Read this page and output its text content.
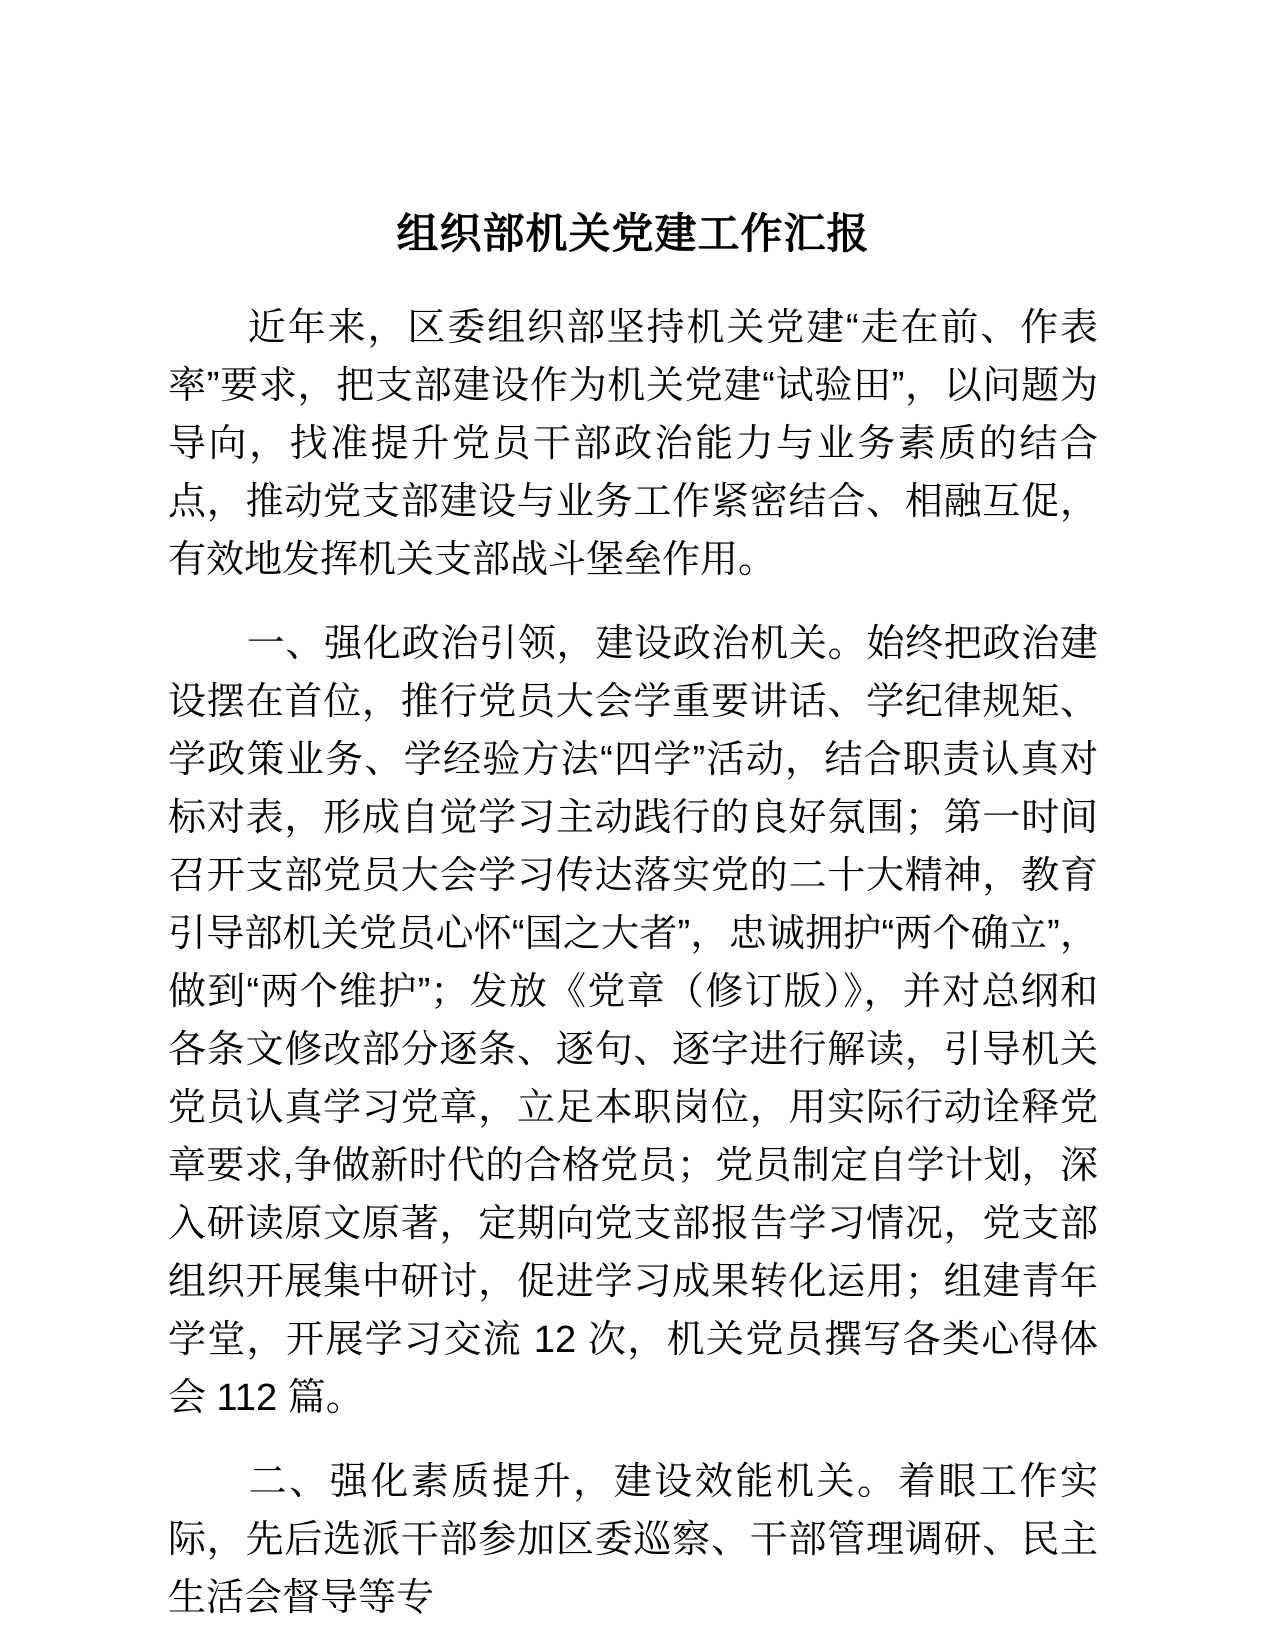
组织部机关党建工作汇报

近年来，区委组织部坚持机关党建“走在前、作表率”要求，把支部建设作为机关党建“试验田”，以问题为导向，找准提升党员干部政治能力与业务素质的结合点，推动党支部建设与业务工作紧密结合、相融互促，有效地发挥机关支部战斗堡垒作用。

一、强化政治引领，建设政治机关。始终把政治建设摆在首位，推行党员大会学重要讲话、学纪律规矩、学政策业务、学经验方法“四学”活动，结合职责认真对标对表，形成自觉学习主动践行的良好氛围；第一时间召开支部党员大会学习传达落实党的二十大精神，教育引导部机关党员心怀“国之大者”，忠诚拥护“两个确立”，做到“两个维护”；发放《党章（修订版）》，并对总纲和各条文修改部分逐条、逐句、逐字进行解读，引导机关党员认真学习党章，立足本职岗位，用实际行动诠释党章要求,争做新时代的合格党员；党员制定自学计划，深入研读原文原著，定期向党支部报告学习情况，党支部组织开展集中研讨，促进学习成果转化运用；组建青年学堂，开展学习交流 12 次，机关党员撰写各类心得体会 112 篇。

二、强化素质提升，建设效能机关。着眼工作实际，先后选派干部参加区委巡察、干部管理调研、民主生活会督导等专
